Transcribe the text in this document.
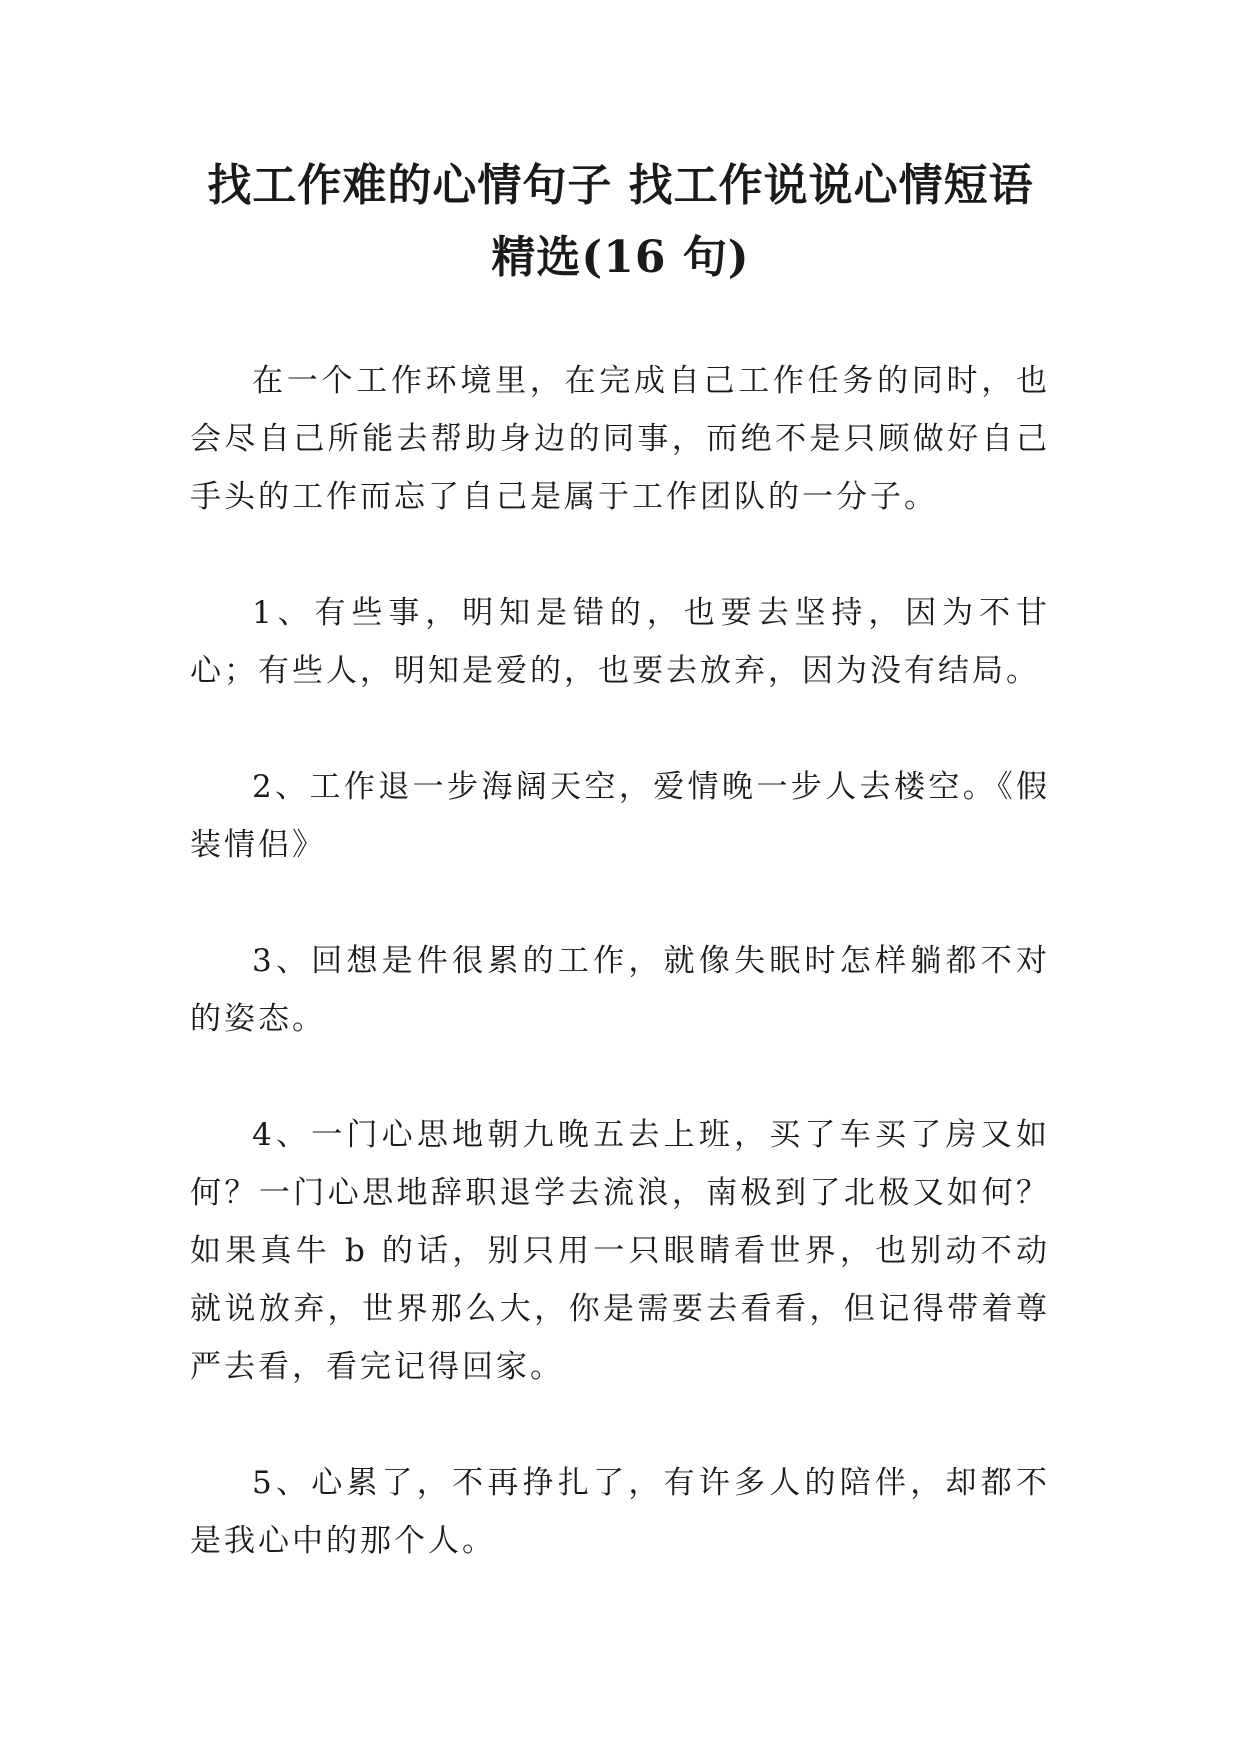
找工作难的心情句子 找工作说说心情短语
精选(16 句)

在一个工作环境里，在完成自己工作任务的同时，也会尽自己所能去帮助身边的同事，而绝不是只顾做好自己手头的工作而忘了自己是属于工作团队的一分子。

1、有些事，明知是错的，也要去坚持，因为不甘心；有些人，明知是爱的，也要去放弃，因为没有结局。

2、工作退一步海阔天空，爱情晚一步人去楼空。《假装情侣》

3、回想是件很累的工作，就像失眠时怎样躺都不对的姿态。

4、一门心思地朝九晚五去上班，买了车买了房又如何？一门心思地辞职退学去流浪，南极到了北极又如何？如果真牛 b 的话，别只用一只眼睛看世界，也别动不动就说放弃，世界那么大，你是需要去看看，但记得带着尊严去看，看完记得回家。

5、心累了，不再挣扎了，有许多人的陪伴，却都不是我心中的那个人。
